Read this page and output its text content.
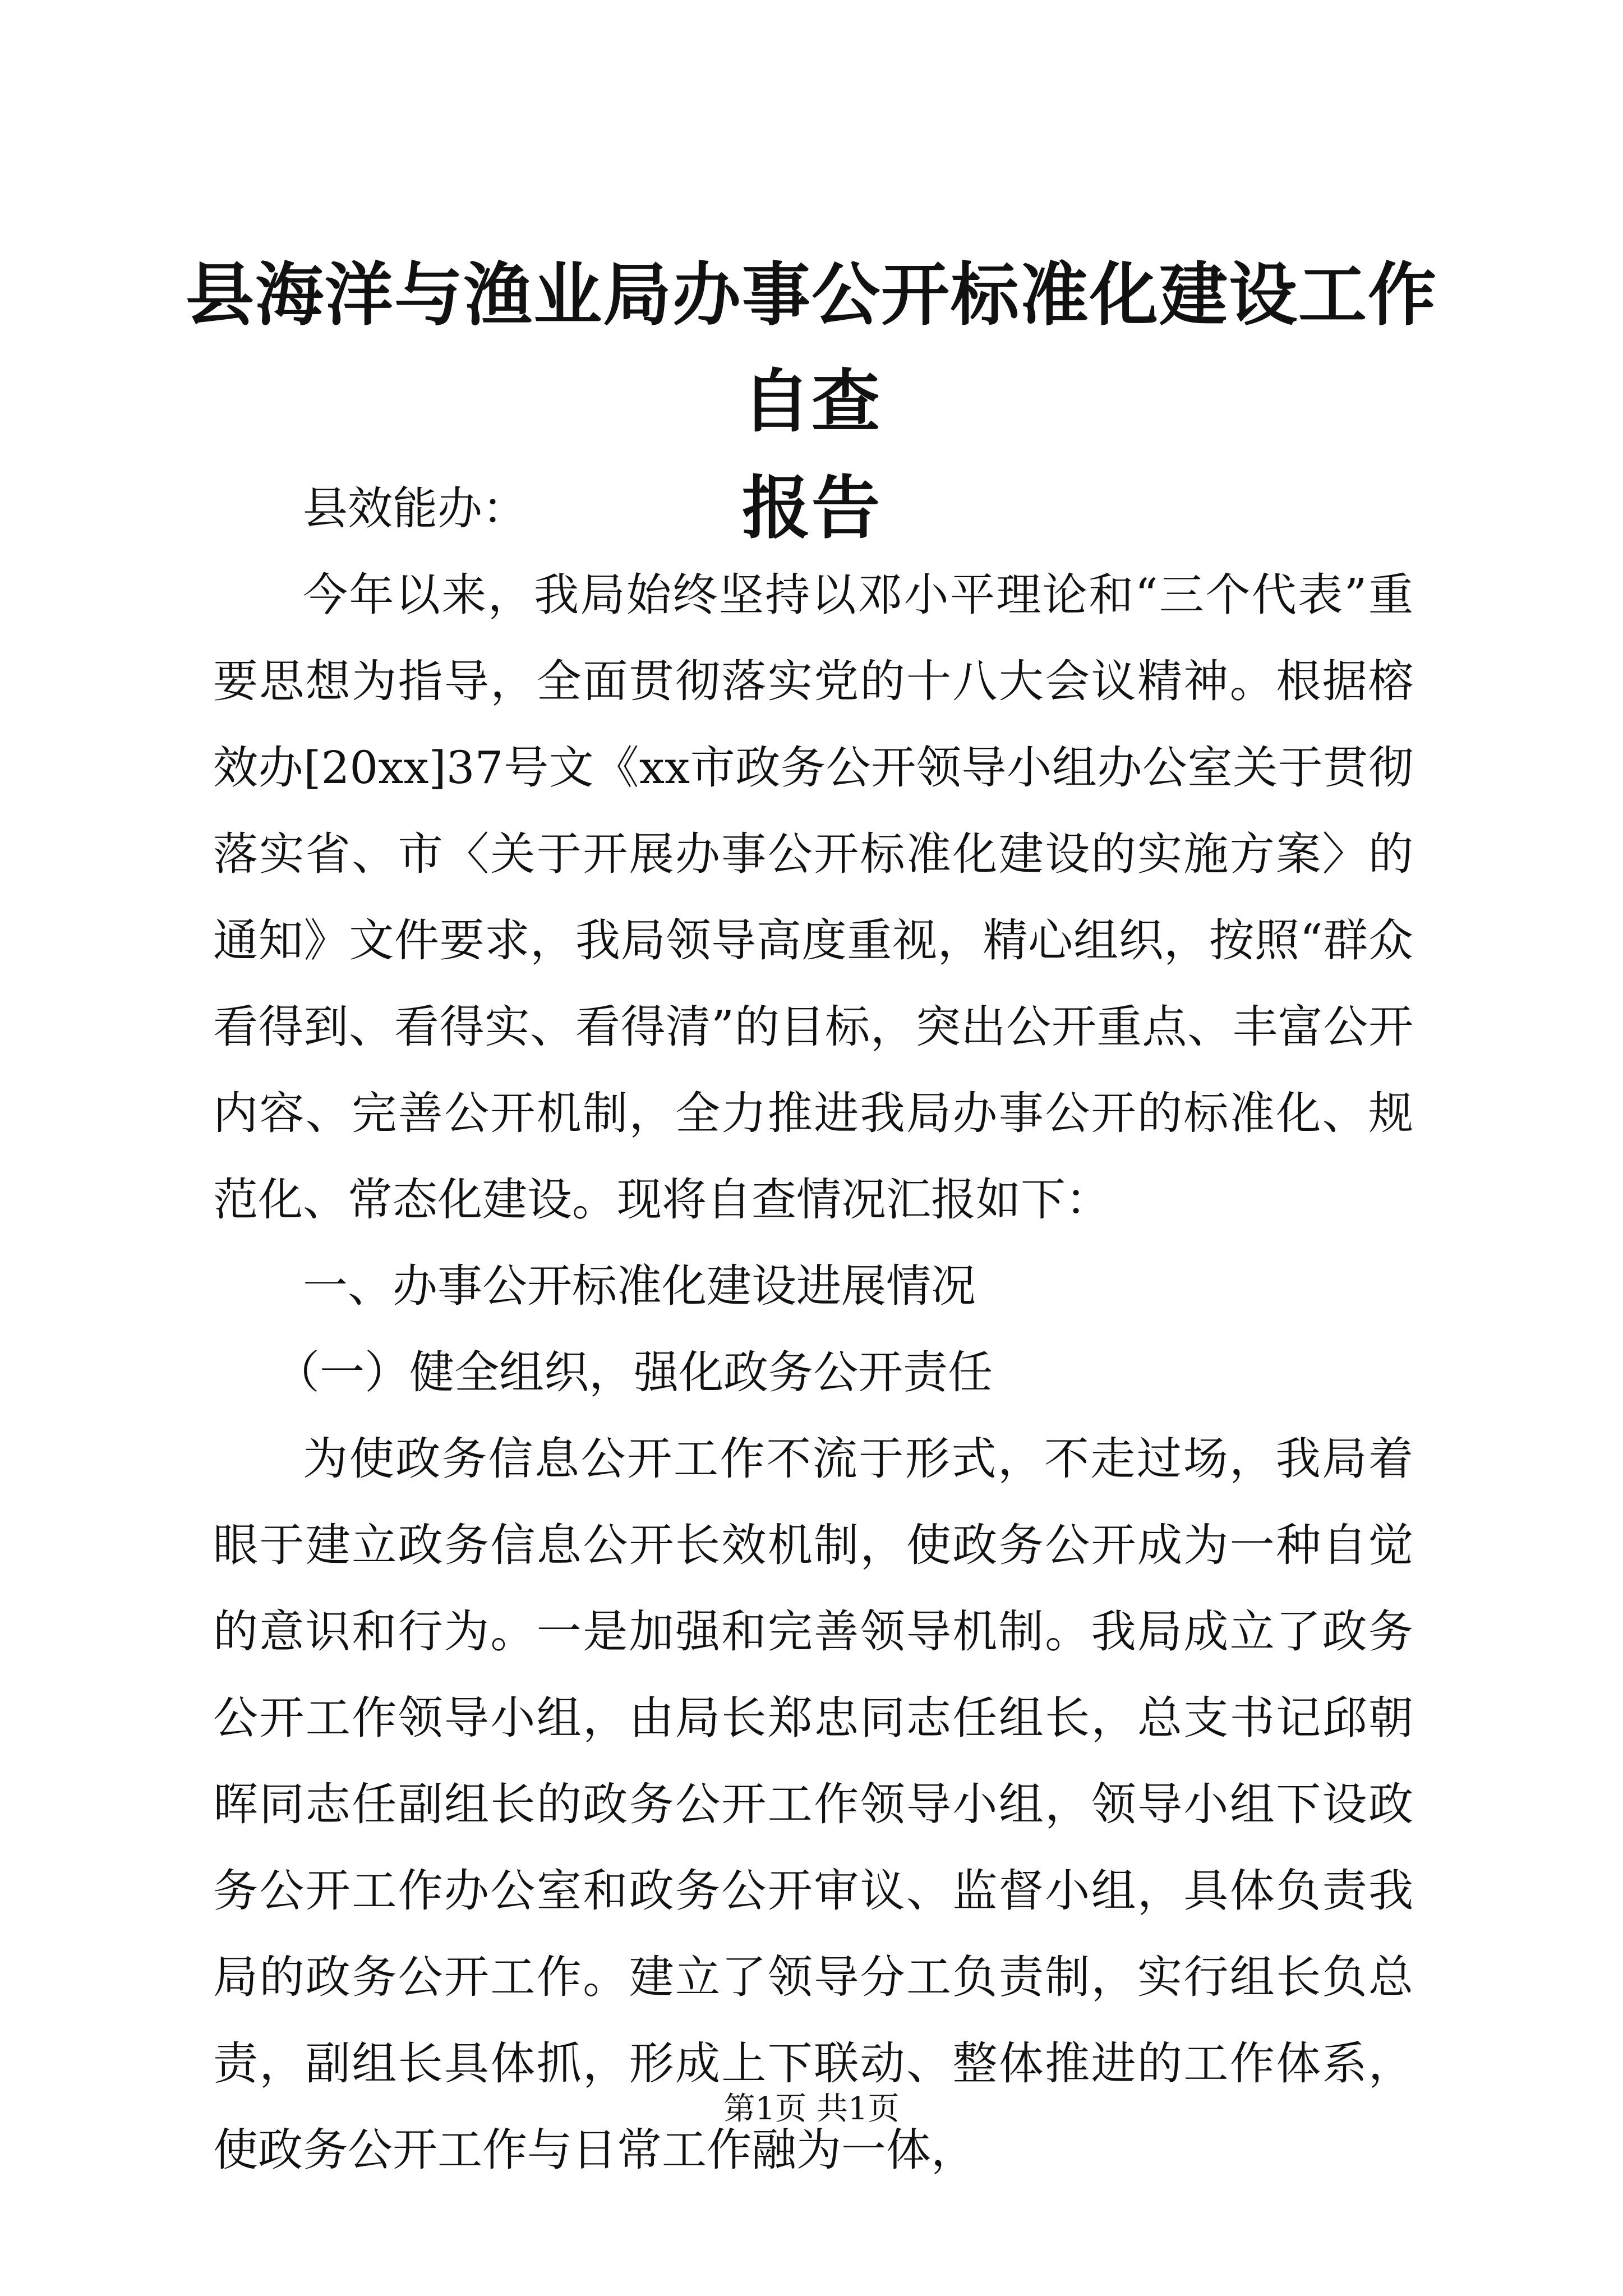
县海洋与渔业局办事公开标准化建设工作自查
报告

县效能办：

今年以来，我局始终坚持以邓小平理论和“三个代表”重要思想为指导，全面贯彻落实党的十八大会议精神。根据榕效办[20xx]37号文《xx市政务公开领导小组办公室关于贯彻落实省、市〈关于开展办事公开标准化建设的实施方案〉的通知》文件要求，我局领导高度重视，精心组织，按照“群众看得到、看得实、看得清”的目标，突出公开重点、丰富公开内容、完善公开机制，全力推进我局办事公开的标准化、规范化、常态化建设。现将自查情况汇报如下：

一、办事公开标准化建设进展情况

（一）健全组织，强化政务公开责任

为使政务信息公开工作不流于形式，不走过场，我局着眼于建立政务信息公开长效机制，使政务公开成为一种自觉的意识和行为。一是加强和完善领导机制。我局成立了政务公开工作领导小组，由局长郑忠同志任组长，总支书记邱朝晖同志任副组长的政务公开工作领导小组，领导小组下设政务公开工作办公室和政务公开审议、监督小组，具体负责我局的政务公开工作。建立了领导分工负责制，实行组长负总责，副组长具体抓，形成上下联动、整体推进的工作体系，使政务公开工作与日常工作融为一体，

第1页 共1页
